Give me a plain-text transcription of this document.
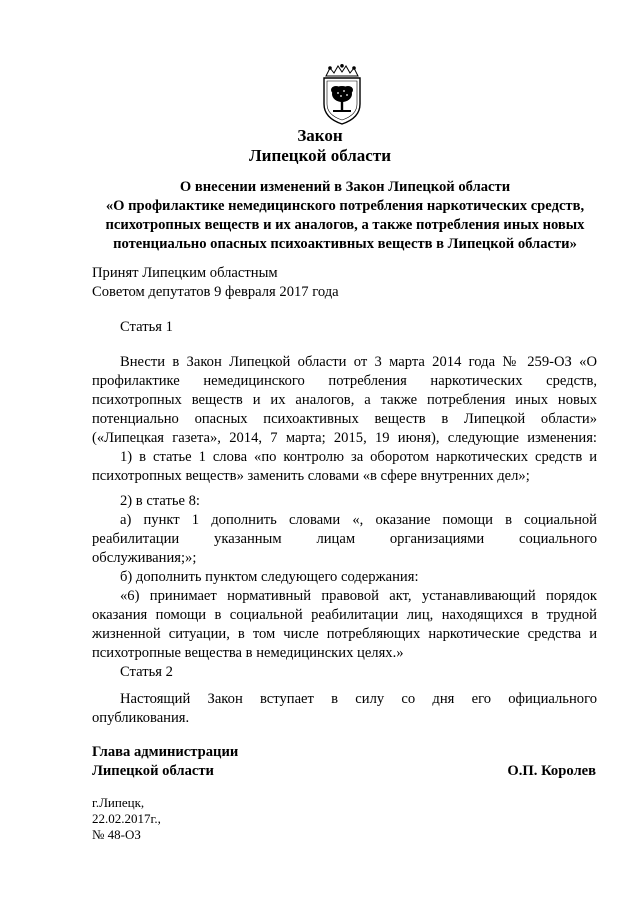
Закон
Липецкой области
О внесении изменений в Закон Липецкой области
«О профилактике немедицинского потребления наркотических средств,
психотропных веществ и их аналогов, а также потребления иных новых
потенциально опасных психоактивных веществ в Липецкой области»
Принят Липецким областным
Советом депутатов 9 февраля 2017 года
Статья 1
Внести в Закон Липецкой области от 3 марта 2014 года № 259-ОЗ «О
профилактике немедицинского потребления наркотических средств,
психотропных веществ и их аналогов, а также потребления иных новых
потенциально опасных психоактивных веществ в Липецкой области»
(«Липецкая газета», 2014, 7 марта; 2015, 19 июня), следующие изменения:
1) в статье 1 слова «по контролю за оборотом наркотических средств и
психотропных веществ» заменить словами «в сфере внутренних дел»;
2) в статье 8:
а) пункт 1 дополнить словами «, оказание помощи в социальной
реабилитации указанным лицам организациями социального
обслуживания;»;
б) дополнить пунктом следующего содержания:
«6) принимает нормативный правовой акт, устанавливающий порядок
оказания помощи в социальной реабилитации лиц, находящихся в трудной
жизненной ситуации, в том числе потребляющих наркотические средства и
психотропные вещества в немедицинских целях.»
Статья 2
Настоящий Закон вступает в силу со дня его официального
опубликования.
Глава администрации
Липецкой области	О.П. Королев
г.Липецк,
22.02.2017г.,
№ 48-ОЗ
